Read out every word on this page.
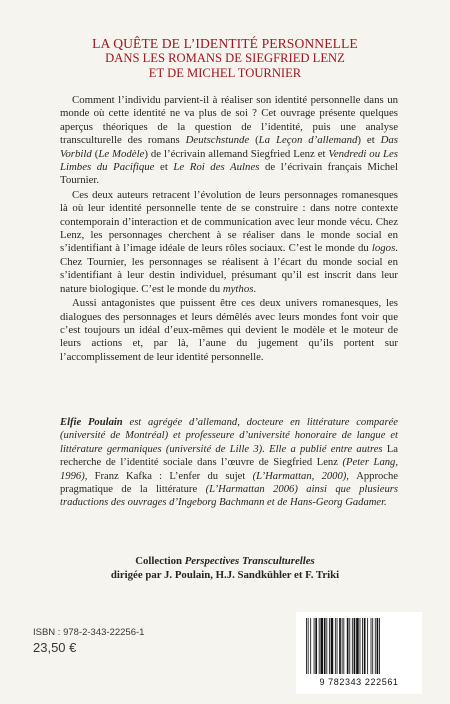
LA QUÊTE DE L’IDENTITÉ PERSONNELLE
DANS LES ROMANS DE SIEGFRIED LENZ
ET DE MICHEL TOURNIER

Comment l’individu parvient-il à réaliser son identité personnelle dans un monde où cette identité ne va plus de soi ? Cet ouvrage présente quelques aperçus théoriques de la question de l’identité, puis une analyse transculturelle des romans Deutschstunde (La Leçon d’allemand) et Das Vorbild (Le Modèle) de l’écrivain allemand Siegfried Lenz et Vendredi ou Les Limbes du Pacifique et Le Roi des Aulnes de l’écrivain français Michel Tournier.

Ces deux auteurs retracent l’évolution de leurs personnages romanesques là où leur identité personnelle tente de se construire : dans notre contexte contemporain d’interaction et de communication avec leur monde vécu. Chez Lenz, les personnages cherchent à se réaliser dans le monde social en s’identifiant à l’image idéale de leurs rôles sociaux. C’est le monde du logos. Chez Tournier, les personnages se réalisent à l’écart du monde social en s’identifiant à leur destin individuel, présumant qu’il est inscrit dans leur nature biologique. C’est le monde du mythos.

Aussi antagonistes que puissent être ces deux univers romanesques, les dialogues des personnages et leurs démêlés avec leurs mondes font voir que c’est toujours un idéal d’eux-mêmes qui devient le modèle et le moteur de leurs actions et, par là, l’aune du jugement qu’ils portent sur l’accomplissement de leur identité personnelle.

Elfie Poulain est agrégée d’allemand, docteure en littérature comparée (université de Montréal) et professeure d’université honoraire de langue et littérature germaniques (université de Lille 3). Elle a publié entre autres La recherche de l’identité sociale dans l’œuvre de Siegfried Lenz (Peter Lang, 1996), Franz Kafka : L’enfer du sujet (L’Harmattan, 2000), Approche pragmatique de la littérature (L’Harmattan 2006) ainsi que plusieurs traductions des ouvrages d’Ingeborg Bachmann et de Hans-Georg Gadamer.
Collection Perspectives Transculturelles
dirigée par J. Poulain, H.J. Sandkühler et F. Triki
ISBN : 978-2-343-22256-1
23,50 €
9 782343 222561
